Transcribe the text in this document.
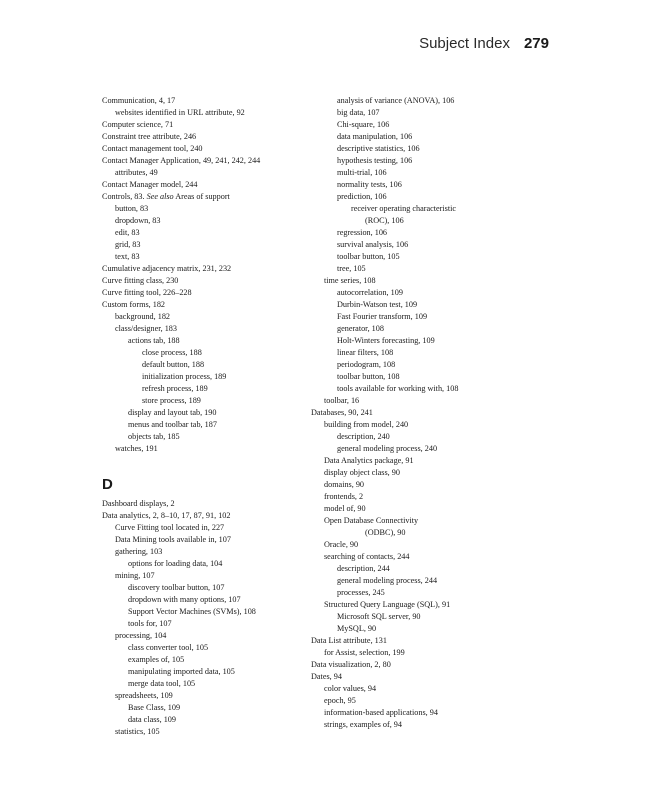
Subject Index 279
Communication, 4, 17
websites identified in URL attribute, 92
Computer science, 71
Constraint tree attribute, 246
Contact management tool, 240
Contact Manager Application, 49, 241, 242, 244
attributes, 49
Contact Manager model, 244
Controls, 83. See also Areas of support
button, 83
dropdown, 83
edit, 83
grid, 83
text, 83
Cumulative adjacency matrix, 231, 232
Curve fitting class, 230
Curve fitting tool, 226–228
Custom forms, 182
background, 182
class/designer, 183
actions tab, 188
close process, 188
default button, 188
initialization process, 189
refresh process, 189
store process, 189
display and layout tab, 190
menus and toolbar tab, 187
objects tab, 185
watches, 191
D
Dashboard displays, 2
Data analytics, 2, 8–10, 17, 87, 91, 102
Curve Fitting tool located in, 227
Data Mining tools available in, 107
gathering, 103
options for loading data, 104
mining, 107
discovery toolbar button, 107
dropdown with many options, 107
Support Vector Machines (SVMs), 108
tools for, 107
processing, 104
class converter tool, 105
examples of, 105
manipulating imported data, 105
merge data tool, 105
spreadsheets, 109
Base Class, 109
data class, 109
statistics, 105
analysis of variance (ANOVA), 106
big data, 107
Chi-square, 106
data manipulation, 106
descriptive statistics, 106
hypothesis testing, 106
multi-trial, 106
normality tests, 106
prediction, 106
receiver operating characteristic
(ROC), 106
regression, 106
survival analysis, 106
toolbar button, 105
tree, 105
time series, 108
autocorrelation, 109
Durbin-Watson test, 109
Fast Fourier transform, 109
generator, 108
Holt-Winters forecasting, 109
linear filters, 108
periodogram, 108
toolbar button, 108
tools available for working with, 108
toolbar, 16
Databases, 90, 241
building from model, 240
description, 240
general modeling process, 240
Data Analytics package, 91
display object class, 90
domains, 90
frontends, 2
model of, 90
Open Database Connectivity
(ODBC), 90
Oracle, 90
searching of contacts, 244
description, 244
general modeling process, 244
processes, 245
Structured Query Language (SQL), 91
Microsoft SQL server, 90
MySQL, 90
Data List attribute, 131
for Assist, selection, 199
Data visualization, 2, 80
Dates, 94
color values, 94
epoch, 95
information-based applications, 94
strings, examples of, 94
